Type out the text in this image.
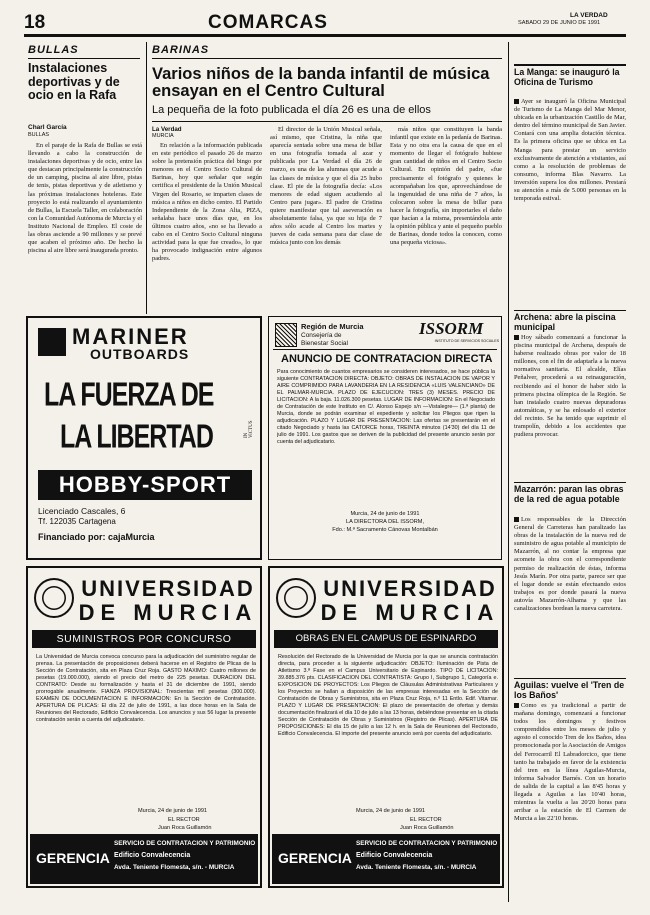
18	COMARCAS	LA VERDAD
SABADO 29 DE JUNIO DE 1991
BULLAS
Instalaciones deportivas y de ocio en la Rafa
Charl García
BULLAS

En el paraje de la Rafa de Bullas se está llevando a cabo la construcción de instalaciones deportivas y de ocio, entre las que destacan principalmente la construcción de un camping, piscina al aire libre, pistas de tenis, pistas deportivas y de atletismo y las próximas instalaciones hoteleras. Este proyecto lo está realizando el ayuntamiento de Bullas, la Escuela Taller, en colaboración con la Comunidad Autónoma de Murcia y el Instituto Nacional de Empleo. El coste de las obras asciende a 90 millones y se prevé que acaben el próximo año. De hecho la piscina al aire libre será inaugurada pronto.

BARINAS
Varios niños de la banda infantil de música ensayan en el Centro Cultural
La pequeña de la foto publicada el día 26 es una de ellos
La Verdad
MURCIA

En relación a la información publicada en este periódico el pasado 26 de marzo sobre la pretensión práctica del bingo por menores en el Centro Socio Cultural de Barinas, hoy que señalar que según certifica el presidente de la Unión Musical Virgen del Rosario, se imparten clases de música a niños en dicho centro. El Partido Independiente de la Zona Alta, PIZA, señalaba hace unos días que, en los últimos cuatro años, «no se ha llevado a cabo en el Centro Socio Cultural ninguna actividad para la que fue creado», lo que ha provocado indignación entre algunos padres.

El director de la Unión Musical señala, así mismo, que Cristina, la niña que aparecía sentada sobre una mesa de billar en una fotografía tomada al azar y publicada por La Verdad el día 26 de marzo, es una de las alumnas que acude a las clases de música y que el día 25 hubo clase. El pie de la fotografía decía: «Los menores de edad siguen acudiendo al Centro para jugar». El padre de Cristina quiere manifestar que tal aseveración es absolutamente falsa, ya que su hija de 7 años sólo acude al Centro los martes y jueves de cada semana para dar clase de música junto con los demás

más niños que constituyen la banda infantil que existe en la pedanía de Barinas. Esta y no otra era la causa de que en el momento de llegar el fotógrafo hubiese gran cantidad de niños en el Centro Socio Cultural. En opinión del padre, «fue precisamente el fotógrafo y quienes le acompañaban los que, aprovechándose de la ingenuidad de una niña de 7 años, la colocaron sobre la mesa de billar para hacer la fotografía, sin importarles el daño que hacían a la misma, presentándola ante la opinión pública y ante el pequeño pueblo de Barinas, donde todos la conocen, como una pequeña viciosa».

MARINER
OUTBOARDS
LA FUERZA DE
LA LIBERTAD	IN ViCTUS
HOBBY-SPORT
Licenciado Cascales, 6
Tf. 122035 Cartagena
Financiado por: cajaMurcia
Región de Murcia
Consejería de
Bienestar Social
ISSORM
INSTITUTO DE SERVICIOS SOCIALES
ANUNCIO DE CONTRATACION DIRECTA
Para conocimiento de cuantos empresarios se consideren interesados, se hace pública la siguiente CONTRATACION DIRECTA: OBJETO: OBRAS DE INSTALACION DE VAPOR Y AIRE COMPRIMIDO PARA LAVANDERIA EN LA RESIDENCIA «LUIS VALENCIANO» DE EL PALMAR-MURCIA. PLAZO DE EJECUCION: TRES (3) MESES. PRECIO DE LICITACION: A la baja. 11.026.300 pesetas. LUGAR DE INFORMACION: En el Negociado de Contratación de este Instituto en C/. Alonso Espejo s/n —Vistalegre— (1.ª planta) de Murcia, donde se podrán examinar el expediente y solicitar los Pliegos que rigen la adjudicación. PLAZO Y LUGAR DE PRESENTACION: Las ofertas se presentarán en el citado Negociado y hasta las CATORCE horas, TREINTA minutos (14'30) del día 11 de julio de 1991. Los gastos que se deriven de la publicidad del presente anuncio serán por cuenta del adjudicatario.
Murcia, 24 de junio de 1991
LA DIRECTORA DEL ISSORM,
Fdo.: M.ª Sacramento Cánovas Montalbán
UNIVERSIDAD
DE MURCIA
SUMINISTROS POR CONCURSO
La Universidad de Murcia convoca concurso para la adjudicación del suministro regular de prensa. La presentación de proposiciones deberá hacerse en el Registro de Plicas de la Sección de Contratación, sita en Plaza Cruz Roja. GASTO MAXIMO: Cuatro millones de pesetas (19.000.000), siendo el precio del metro de 225 pesetas. DURACION DEL CONTRATO: Desde su formalización y hasta el 31 de diciembre de 1991, siendo prorrogable anualmente. FIANZA PROVISIONAL: Trescientas mil pesetas (300.000). EXAMEN DE DOCUMENTACION E INFORMACION: En la Sección de Contratación. APERTURA DE PLICAS: El día 22 de julio de 1991, a las doce horas en la Sala de Reuniones del Rectorado, Edificio Convalecencia. Los anuncios y sus 56 lugar la presente contratación serán a cuenta del adjudicatario.
Murcia, 24 de junio de 1991
EL RECTOR
Juan Roca Guillamón
GERENCIA
SERVICIO DE CONTRATACION Y PATRIMONIO
Edificio Convalecencia
Avda. Teniente Flomesta, s/n. - MURCIA
UNIVERSIDAD
DE MURCIA
OBRAS EN EL CAMPUS DE ESPINARDO
Resolución del Rectorado de la Universidad de Murcia por la que se anuncia contratación directa, para proceder a la siguiente adjudicación: OBJETO: Iluminación de Pista de Atletismo 3.ª Fase en el Campus Universitario de Espinardo. TIPO DE LICITACION: 39.885.376 pts. CLASIFICACION DEL CONTRATISTA: Grupo I, Subgrupo 1, Categoría e. EXPOSICION DE PROYECTOS: Los Pliegos de Cláusulas Administrativas Particulares y los Proyectos se hallan a disposición de las empresas interesadas en la Sección de Contratación de Obras y Suministros, sita en Plaza Cruz Roja, n.º 11 Entlo. Edif. Vitamar. PLAZO Y LUGAR DE PRESENTACION: El plazo de presentación de ofertas y demás documentación finalizará el día 10 de julio a las 13 horas, debiéndose presentar en la citada Sección de Contratación de Obras y Suministros (Registro de Plicas). APERTURA DE PROPOSICIONES: El día 15 de julio a las 12 h. en la Sala de Reuniones del Rectorado, Edificio Convalecencia. El importe del presente anuncio será por cuenta del adjudicatario.
Murcia, 24 de junio de 1991
EL RECTOR
Juan Roca Guillamón
GERENCIA
SERVICIO DE CONTRATACION Y PATRIMONIO
Edificio Convalecencia
Avda. Teniente Flomesta, s/n. - MURCIA
La Manga: se inauguró la Oficina de Turismo
Ayer se inauguró la Oficina Municipal de Turismo de La Manga del Mar Menor, ubicada en la urbanización Castillo de Mar, dentro del término municipal de San Javier. Contará con una amplia dotación técnica. Es la primera oficina que se ubica en La Manga para prestar un servicio exclusivamente de atención a visitantes, así como a la resolución de problemas de consumo, informa Blas Navarro. La inversión supera los dos millones. Prestará su atención a más de 5.000 personas en la temporada estival.
Archena: abre la piscina municipal
Hoy sábado comenzará a funcionar la piscina municipal de Archena, después de haberse realizado obras por valor de 18 millones, con el fin de adaptarla a la nueva normativa sanitaria. El alcalde, Elías Peñalver, procederá a su reinauguración, recibiendo así el honor de haber sido la primera piscina olímpica de la Región. Se han instalado cuatro nuevas depuradoras automáticas, y se ha enlosado el exterior del recinto. Se ha tenido que suprimir el trampolín, debido a los accidentes que pudiera provocar.
Mazarrón: paran las obras de la red de agua potable
Los responsables de la Dirección General de Carreteras han paralizado las obras de la instalación de la nueva red de suministro de agua potable al municipio de Mazarrón, al no contar la empresa que acomete la obra con el correspondiente permiso de realización de éstas, informa Jesús Marín. Por otra parte, parece ser que el lugar donde se están efectuando estos trabajos es por donde pasará la nueva autovía Mazarrón-Alhama y que las canalizaciones bordean la nueva carretera.
Aguilas: vuelve el 'Tren de los Baños'
Como es ya tradicional a partir de mañana domingo, comenzará a funcionar todos los domingos y festivos comprendidos entre los meses de julio y agosto el conocido Tren de los Baños, idea promocionada por la Asociación de Amigos del Ferrocarril El Labradorcico, que tiene tanto ha trabajado en favor de la existencia del tren en la línea Aguilas-Murcia, informa Salvador Barnés. Con un horario de salida de la capital a las 8'45 horas y llegada a Aguilas a las 10'40 horas, mientras la vuelta a las 20'20 horas para arribar a la estación de El Carmen de Murcia a las 22'10 horas.
